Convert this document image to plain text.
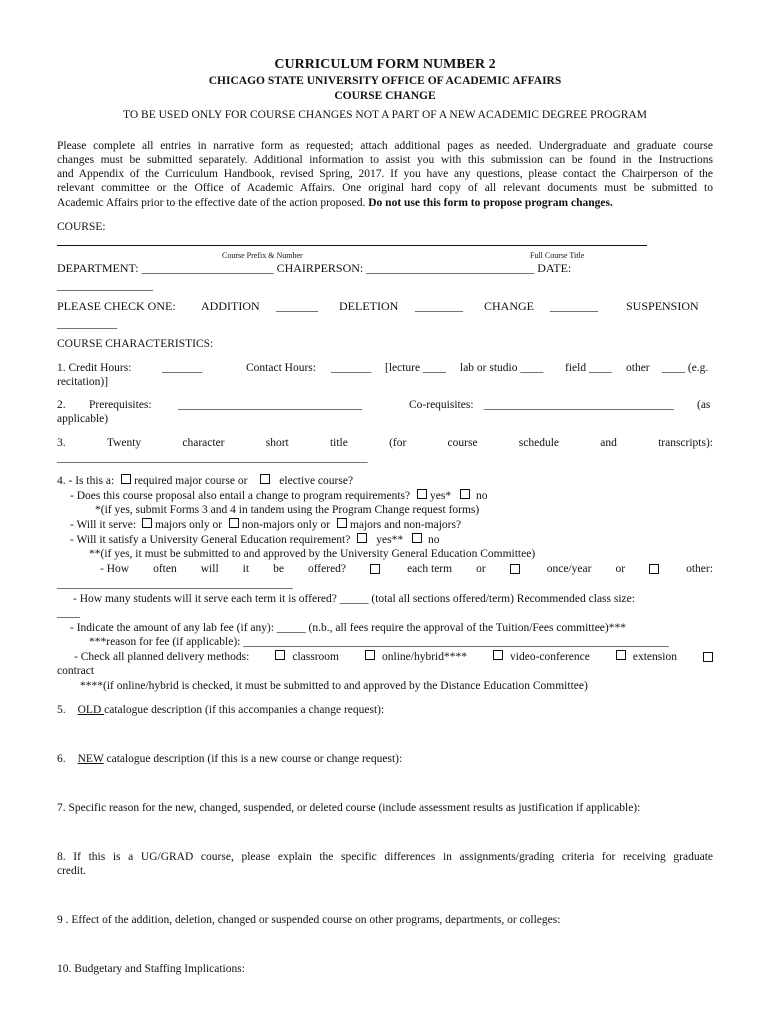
CURRICULUM FORM NUMBER 2
CHICAGO STATE UNIVERSITY OFFICE OF ACADEMIC AFFAIRS
COURSE CHANGE
TO BE USED ONLY FOR COURSE CHANGES NOT A PART OF A NEW ACADEMIC DEGREE PROGRAM
Please complete all entries in narrative form as requested; attach additional pages as needed. Undergraduate and graduate course
changes must be submitted separately. Additional information to assist you with this submission can be found in the Instructions
and Appendix of the Curriculum Handbook, revised Spring, 2017. If you have any questions, please contact the Chairperson of the
relevant committee or the Office of Academic Affairs. One original hard copy of all relevant documents must be submitted to
Academic Affairs prior to the effective date of the action proposed. Do not use this form to propose program changes.
COURSE:
Course Prefix & Number	Full Course Title
DEPARTMENT: ______________________ CHAIRPERSON: ____________________________ DATE:
________________
PLEASE CHECK ONE: ADDITION _______ DELETION ________ CHANGE ________ SUSPENSION
__________
COURSE CHARACTERISTICS:
1. Credit Hours:	_______	Contact Hours: _______ [lecture ____ lab or studio ____ field ____ other ____ (e.g.
recitation)]
2. Prerequisites: ________________________________	Co-requisites: _________________________________ (as
applicable)
3.	Twenty	character	short	title	(for	course	schedule	and	transcripts):
______________________________________________________
4. - Is this a: required major course or	elective course?
- Does this course proposal also entail a change to program requirements? yes* no
*(if yes, submit Forms 3 and 4 in tandem using the Program Change request forms)
- Will it serve: majors only or non-majors only or majors and non-majors?
- Will it satisfy a University General Education requirement? yes** no
**(if yes, it must be submitted to and approved by the University General Education Committee)
- How often will it be offered?	each term or	once/year or	other:
_________________________________________
- How many students will it serve each term it is offered? _____ (total all sections offered/term) Recommended class size:
____
- Indicate the amount of any lab fee (if any): _____ (n.b., all fees require the approval of the Tuition/Fees committee)***
***reason for fee (if applicable): __________________________________________________________________________
- Check all planned delivery methods:	classroom	online/hybrid****	video-conference	extension
contract
****(if online/hybrid is checked, it must be submitted to and approved by the Distance Education Committee)
5. OLD catalogue description (if this accompanies a change request):
6. NEW catalogue description (if this is a new course or change request):
7. Specific reason for the new, changed, suspended, or deleted course (include assessment results as justification if applicable):
8. If this is a UG/GRAD course, please explain the specific differences in assignments/grading criteria for receiving graduate
credit.
9 . Effect of the addition, deletion, changed or suspended course on other programs, departments, or colleges:
10. Budgetary and Staffing Implications:
